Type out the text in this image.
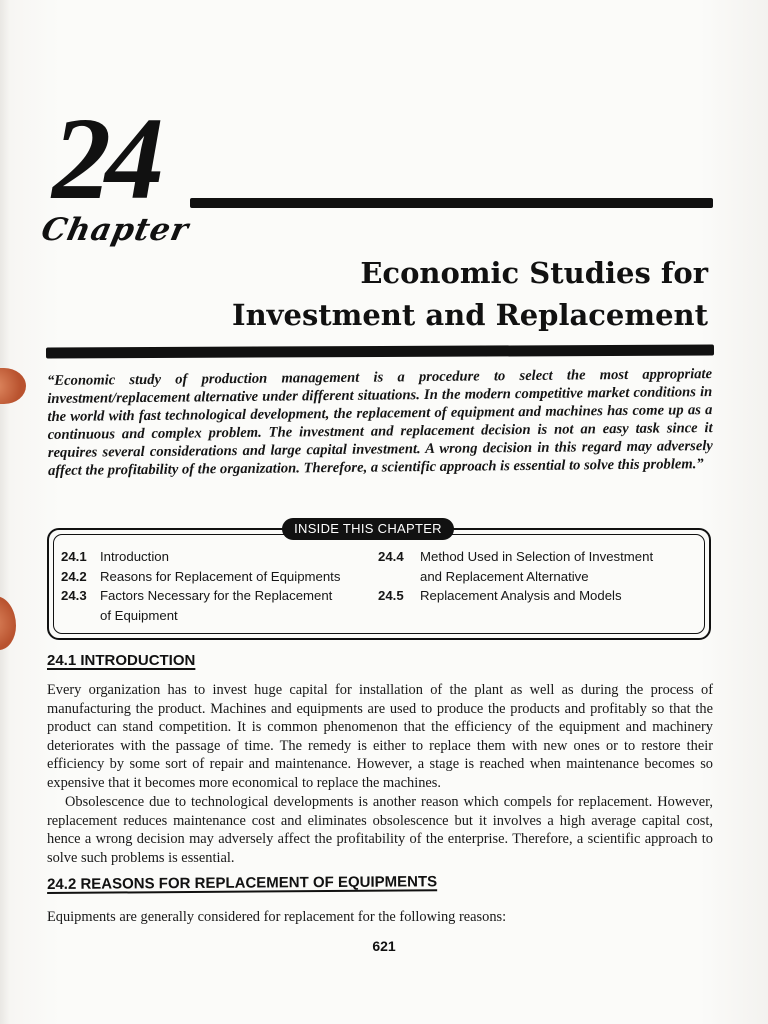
24
Chapter
Economic Studies for
Investment and Replacement

“Economic study of production management is a procedure to select the most appropriate investment/replacement alternative under different situations. In the modern competitive market conditions in the world with fast technological development, the replacement of equipment and machines has come up as a continuous and complex problem. The investment and replacement decision is not an easy task since it requires several considerations and large capital investment. A wrong decision in this regard may adversely affect the profitability of the organization. Therefore, a scientific approach is essential to solve this problem.”

INSIDE THIS CHAPTER
24.1 Introduction
24.2 Reasons for Replacement of Equipments
24.3 Factors Necessary for the Replacement
of Equipment
24.4 Method Used in Selection of Investment
and Replacement Alternative
24.5 Replacement Analysis and Models
24.1 INTRODUCTION

Every organization has to invest huge capital for installation of the plant as well as during the process of manufacturing the product. Machines and equipments are used to produce the products and profitably so that the product can stand competition. It is common phenomenon that the efficiency of the equipment and machinery deteriorates with the passage of time. The remedy is either to replace them with new ones or to restore their efficiency by some sort of repair and maintenance. However, a stage is reached when maintenance becomes so expensive that it becomes more economical to replace the machines.

Obsolescence due to technological developments is another reason which compels for replacement. However, replacement reduces maintenance cost and eliminates obsolescence but it involves a high average capital cost, hence a wrong decision may adversely affect the profitability of the enterprise. Therefore, a scientific approach to solve such problems is essential.

24.2 REASONS FOR REPLACEMENT OF EQUIPMENTS

Equipments are generally considered for replacement for the following reasons:

621
